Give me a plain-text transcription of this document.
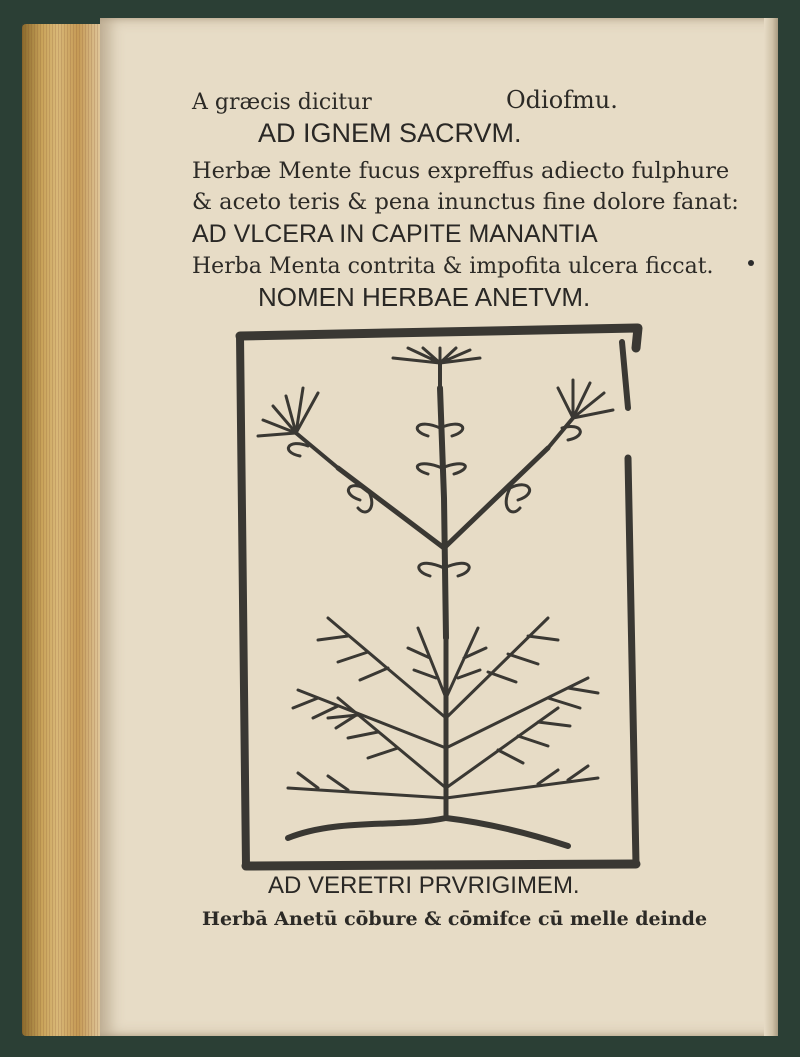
A græcis dicitur	Odiofmu.
AD IGNEM SACRVM.
Herbæ Mente fucus expreffus adiecto fulphure
& aceto teris & pena inunctus fine dolore fanat:
AD VLCERA IN CAPITE MANANTIA
Herba Menta contrita & impofita ulcera ficcat.
NOMEN HERBAE ANETVM.
AD VERETRI PRVRIGIMEM.
Herbā Anetū cōbure & cōmifce cū melle deinde
